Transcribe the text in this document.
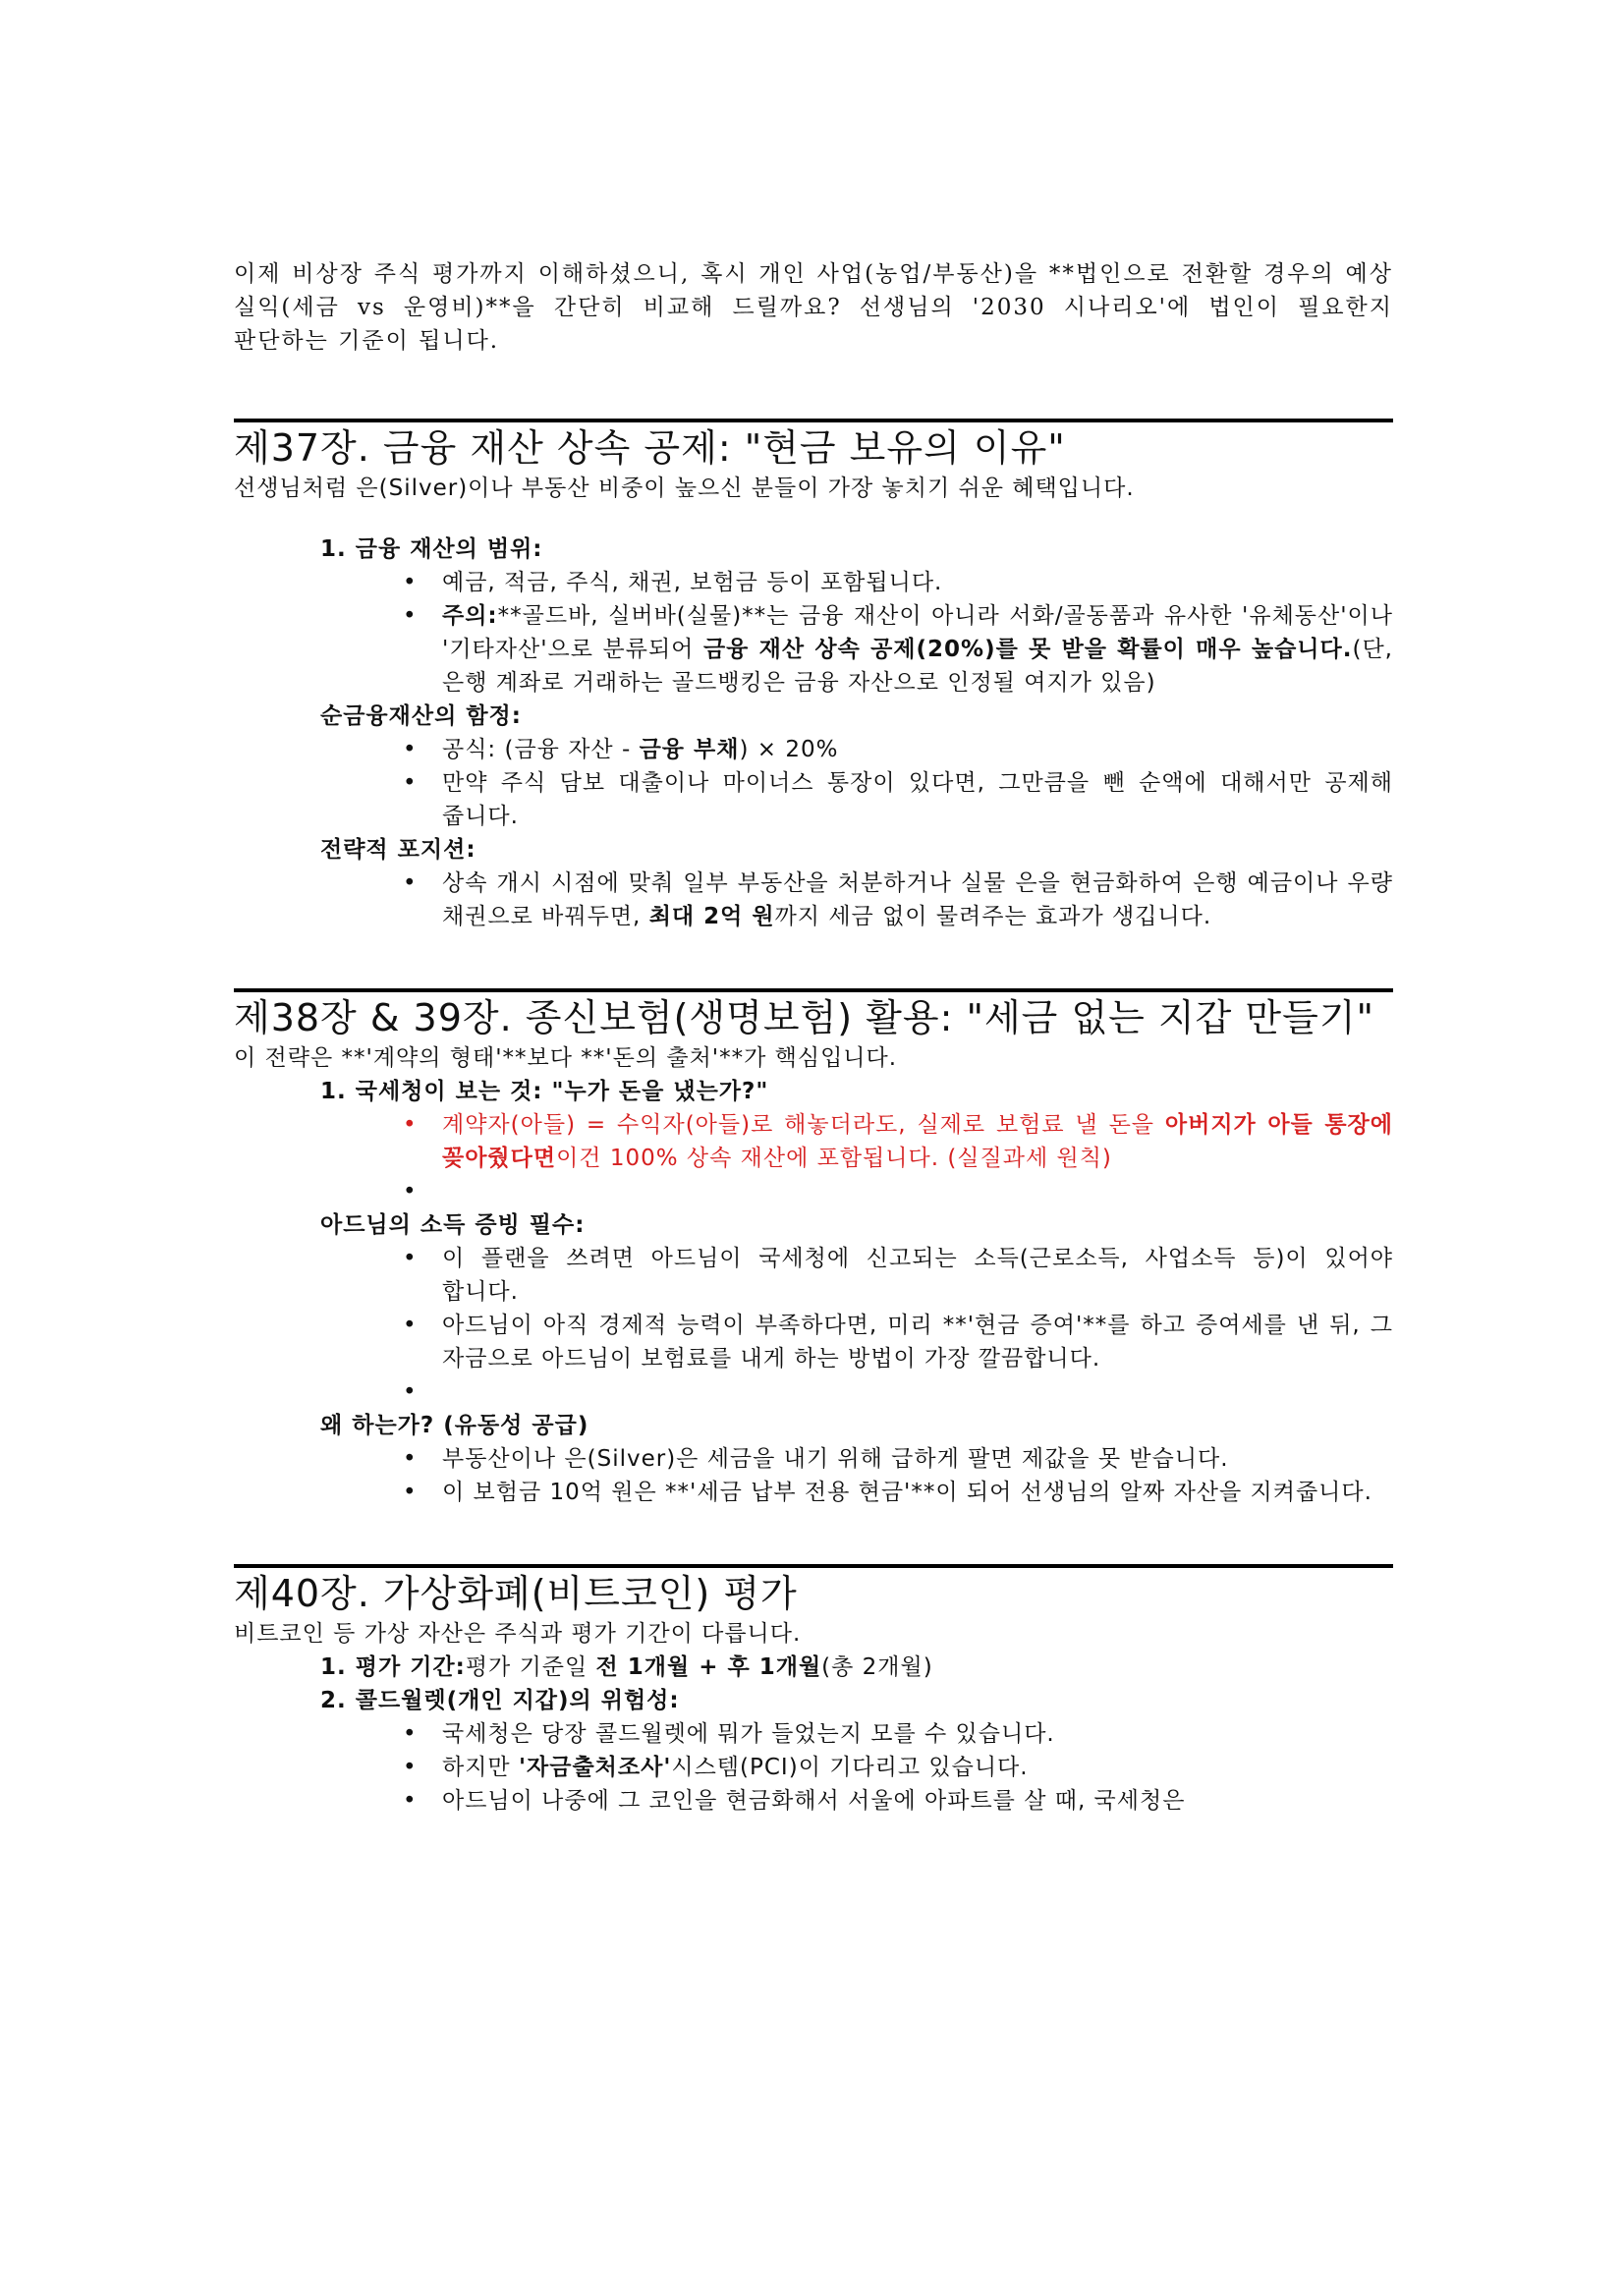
이제 비상장 주식 평가까지 이해하셨으니, 혹시 개인 사업(농업/부동산)을 **법인으로 전환할 경우의 예상 실익(세금 vs 운영비)**을 간단히 비교해 드릴까요? 선생님의 '2030 시나리오'에 법인이 필요한지 판단하는 기준이 됩니다.

제37장. 금융 재산 상속 공제: "현금 보유의 이유"

선생님처럼 은(Silver)이나 부동산 비중이 높으신 분들이 가장 놓치기 쉬운 혜택입니다.

1. 금융 재산의 범위:

• 예금, 적금, 주식, 채권, 보험금 등이 포함됩니다.
• 주의:**골드바, 실버바(실물)**는 금융 재산이 아니라 서화/골동품과 유사한 '유체동산'이나 '기타자산'으로 분류되어 금융 재산 상속 공제(20%)를 못 받을 확률이 매우 높습니다.(단, 은행 계좌로 거래하는 골드뱅킹은 금융 자산으로 인정될 여지가 있음)

순금융재산의 함정:

• 공식: (금융 자산 - 금융 부채) × 20%
• 만약 주식 담보 대출이나 마이너스 통장이 있다면, 그만큼을 뺀 순액에 대해서만 공제해 줍니다.

전략적 포지션:

• 상속 개시 시점에 맞춰 일부 부동산을 처분하거나 실물 은을 현금화하여 은행 예금이나 우량 채권으로 바꿔두면, 최대 2억 원까지 세금 없이 물려주는 효과가 생깁니다.
제38장 & 39장. 종신보험(생명보험) 활용: "세금 없는 지갑 만들기"

이 전략은 **'계약의 형태'**보다 **'돈의 출처'**가 핵심입니다.

1. 국세청이 보는 것: "누가 돈을 냈는가?"

• 계약자(아들) = 수익자(아들)로 해놓더라도, 실제로 보험료 낼 돈을 아버지가 아들 통장에 꽂아줬다면이건 100% 상속 재산에 포함됩니다. (실질과세 원칙)
•

아드님의 소득 증빙 필수:

• 이 플랜을 쓰려면 아드님이 국세청에 신고되는 소득(근로소득, 사업소득 등)이 있어야 합니다.
• 아드님이 아직 경제적 능력이 부족하다면, 미리 **'현금 증여'**를 하고 증여세를 낸 뒤, 그 자금으로 아드님이 보험료를 내게 하는 방법이 가장 깔끔합니다.
•

왜 하는가? (유동성 공급)

• 부동산이나 은(Silver)은 세금을 내기 위해 급하게 팔면 제값을 못 받습니다.
• 이 보험금 10억 원은 **'세금 납부 전용 현금'**이 되어 선생님의 알짜 자산을 지켜줍니다.
제40장. 가상화폐(비트코인) 평가

비트코인 등 가상 자산은 주식과 평가 기간이 다릅니다.

1. 평가 기간:평가 기준일 전 1개월 + 후 1개월(총 2개월)

2. 콜드월렛(개인 지갑)의 위험성:

• 국세청은 당장 콜드월렛에 뭐가 들었는지 모를 수 있습니다.
• 하지만 '자금출처조사'시스템(PCI)이 기다리고 있습니다.
• 아드님이 나중에 그 코인을 현금화해서 서울에 아파트를 살 때, 국세청은
